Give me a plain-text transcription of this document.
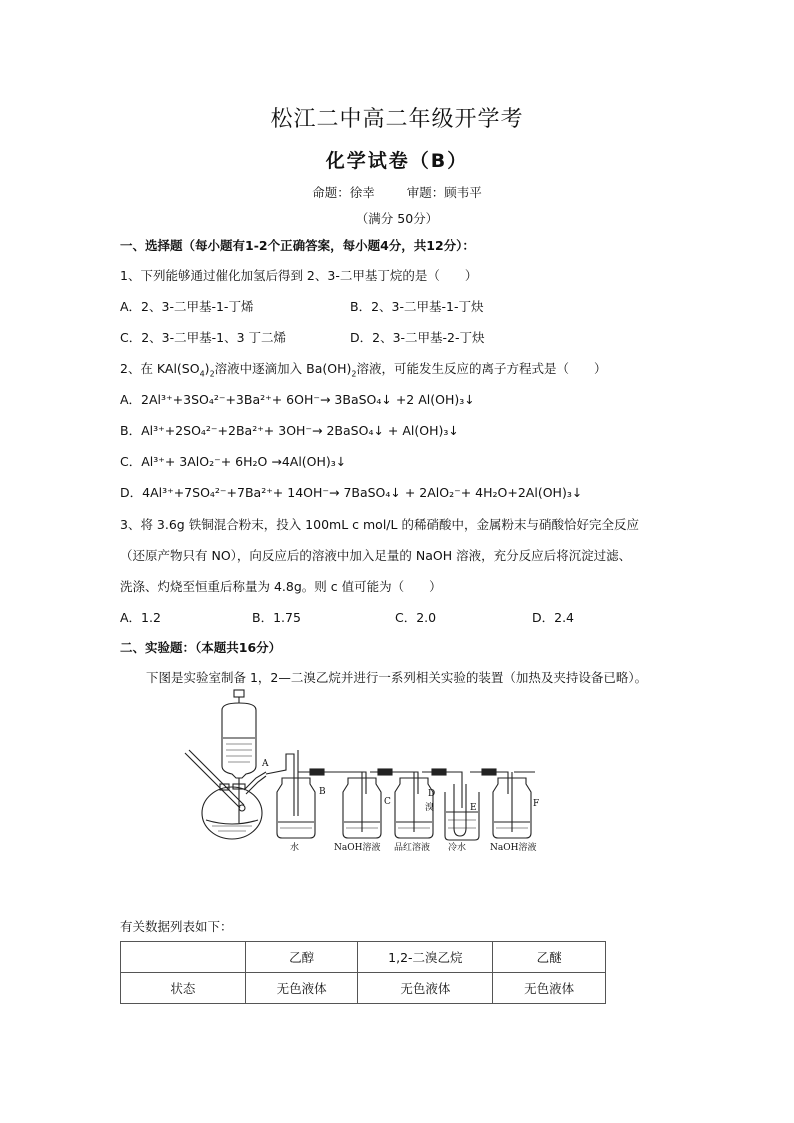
松江二中高二年级开学考
化学试卷（B）
命题：徐幸	审题：顾韦平
（满分 50分）
一、选择题（每小题有1-2个正确答案，每小题4分，共12分）：
1、下列能够通过催化加氢后得到 2、3-二甲基丁烷的是（　　）
A．2、3-二甲基-1-丁烯	B．2、3-二甲基-1-丁炔
C．2、3-二甲基-1、3 丁二烯	D．2、3-二甲基-2-丁炔
2、在 $KAl(SO_4)_2$溶液中逐滴加入 $Ba(OH)_2$溶液，可能发生反应的离子方程式是（　　）
A．2Al³⁺+3SO₄²⁻+3Ba²⁺+ 6OH⁻→ 3BaSO₄↓ +2 Al(OH)₃↓
B．Al³⁺+2SO₄²⁻+2Ba²⁺+ 3OH⁻→ 2BaSO₄↓ + Al(OH)₃↓
C．Al³⁺+ 3AlO₂⁻+ 6H₂O →4Al(OH)₃↓
D．4Al³⁺+7SO₄²⁻+7Ba²⁺+ 14OH⁻→ 7BaSO₄↓ + 2AlO₂⁻+ 4H₂O+2Al(OH)₃↓
3、将 3.6g 铁铜混合粉末，投入 100mL c mol/L 的稀硝酸中，金属粉末与硝酸恰好完全反应
（还原产物只有 NO），向反应后的溶液中加入足量的 NaOH 溶液，充分反应后将沉淀过滤、
洗涤、灼烧至恒重后称量为 4.8g。则 c 值可能为（　　）
A．1.2	B．1.75	C．2.0	D．2.4
二、实验题：（本题共16分）
下图是实验室制备 1，2—二溴乙烷并进行一系列相关实验的装置（加热及夹持设备已略）。
A
B
C
D
E	F
溴
水	NaOH溶液 品红溶液 冷水	NaOH溶液
有关数据列表如下：
	乙醇	1,2-二溴乙烷	乙醚
状态	无色液体	无色液体	无色液体
